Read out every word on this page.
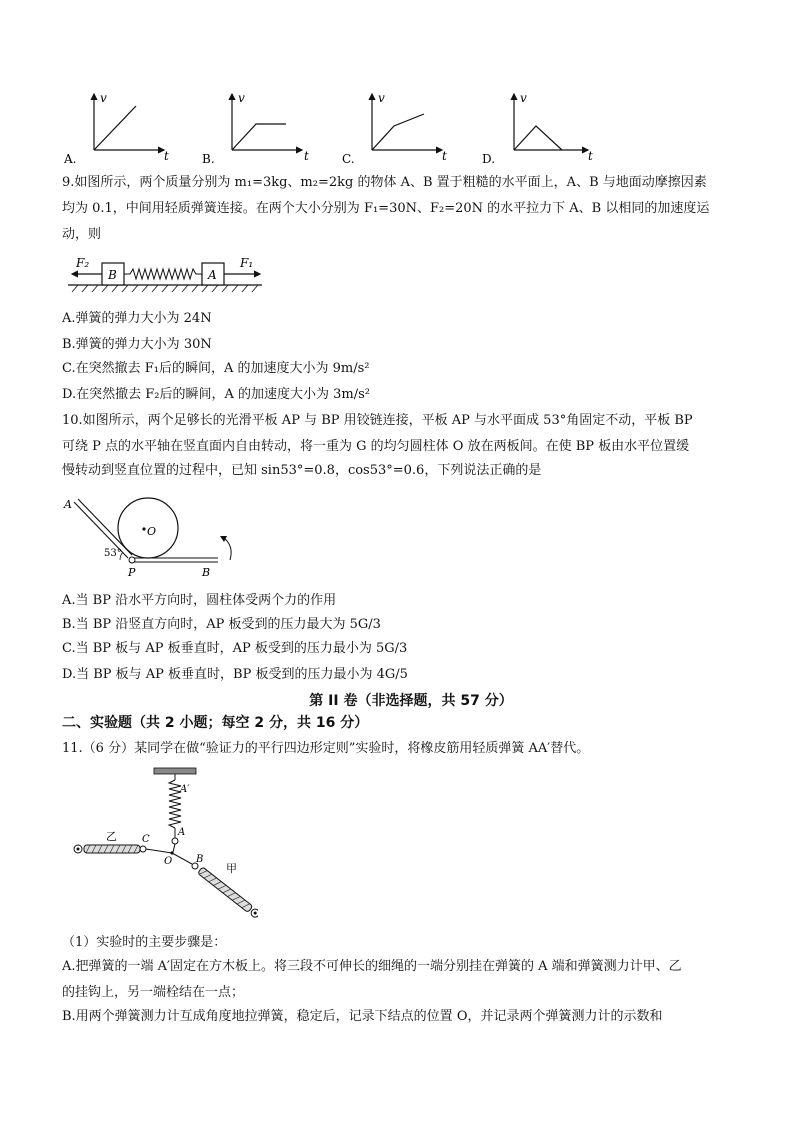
v
t
A.
v
t
B.
v
t
C.
v
t
D.
9.如图所示，两个质量分别为 m₁=3kg、m₂=2kg 的物体 A、B 置于粗糙的水平面上，A、B 与地面动摩擦因素
均为 0.1，中间用轻质弹簧连接。在两个大小分别为 F₁=30N、F₂=20N 的水平拉力下 A、B 以相同的加速度运
动，则
B	A
F₂	F₁
A.弹簧的弹力大小为 24N
B.弹簧的弹力大小为 30N
C.在突然撤去 F₁后的瞬间，A 的加速度大小为 9m/s²
D.在突然撤去 F₂后的瞬间，A 的加速度大小为 3m/s²
10.如图所示，两个足够长的光滑平板 AP 与 BP 用铰链连接，平板 AP 与水平面成 53°角固定不动，平板 BP
可绕 P 点的水平轴在竖直面内自由转动，将一重为 G 的均匀圆柱体 O 放在两板间。在使 BP 板由水平位置缓
慢转动到竖直位置的过程中，已知 sin53°=0.8，cos53°=0.6，下列说法正确的是
O
53°
A
P	B
A.当 BP 沿水平方向时，圆柱体受两个力的作用
B.当 BP 沿竖直方向时，AP 板受到的压力最大为 5G/3
C.当 BP 板与 AP 板垂直时，AP 板受到的压力最小为 5G/3
D.当 BP 板与 AP 板垂直时，BP 板受到的压力最小为 4G/5
第 II 卷（非选择题，共 57 分）
二、实验题（共 2 小题；每空 2 分，共 16 分）
11.（6 分）某同学在做“验证力的平行四边形定则”实验时，将橡皮筋用轻质弹簧 AA′替代。
A′
A
O
C
乙
B
甲
（1）实验时的主要步骤是：
A.把弹簧的一端 A′固定在方木板上。将三段不可伸长的细绳的一端分别挂在弹簧的 A 端和弹簧测力计甲、乙
的挂钩上，另一端栓结在一点；
B.用两个弹簧测力计互成角度地拉弹簧，稳定后，记录下结点的位置 O，并记录两个弹簧测力计的示数和
